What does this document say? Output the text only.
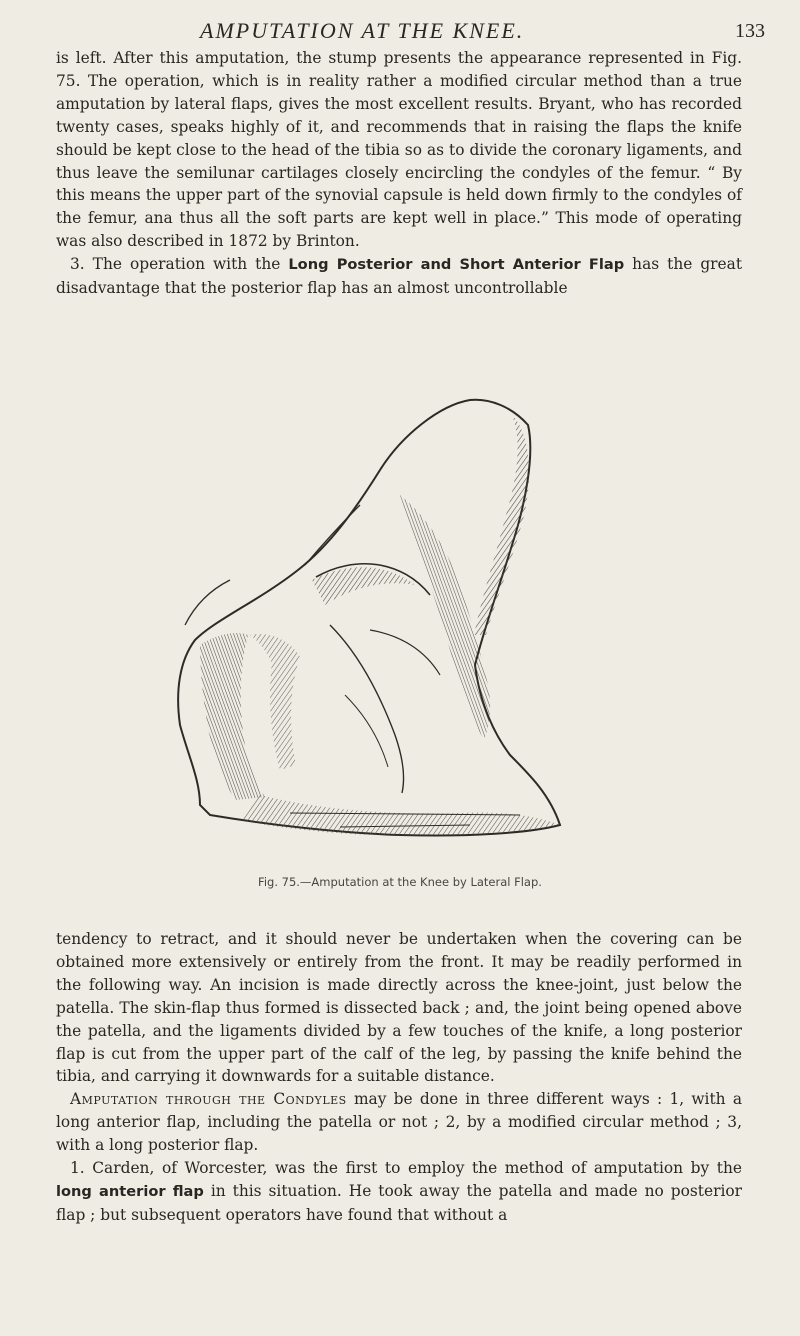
AMPUTATION AT THE KNEE.	133

is left. After this amputation, the stump presents the appearance represented in Fig. 75. The operation, which is in reality rather a modified circular method than a true amputation by lateral flaps, gives the most excellent results. Bryant, who has recorded twenty cases, speaks highly of it, and recommends that in raising the flaps the knife should be kept close to the head of the tibia so as to divide the coronary ligaments, and thus leave the semilunar cartilages closely encircling the condyles of the femur. “ By this means the upper part of the synovial capsule is held down firmly to the condyles of the femur, ana thus all the soft parts are kept well in place.” This mode of operating was also described in 1872 by Brinton.

3. The operation with the Long Posterior and Short Anterior Flap has the great disadvantage that the posterior flap has an almost uncontrollable

Fig. 75.—Amputation at the Knee by Lateral Flap.

tendency to retract, and it should never be undertaken when the covering can be obtained more extensively or entirely from the front. It may be readily performed in the following way. An incision is made directly across the knee-joint, just below the patella. The skin-flap thus formed is dissected back ; and, the joint being opened above the patella, and the ligaments divided by a few touches of the knife, a long posterior flap is cut from the upper part of the calf of the leg, by passing the knife behind the tibia, and carrying it downwards for a suitable distance.

Amputation through the Condyles may be done in three different ways : 1, with a long anterior flap, including the patella or not ; 2, by a modified circular method ; 3, with a long posterior flap.

1. Carden, of Worcester, was the first to employ the method of amputation by the long anterior flap in this situation. He took away the patella and made no posterior flap ; but subsequent operators have found that without a
